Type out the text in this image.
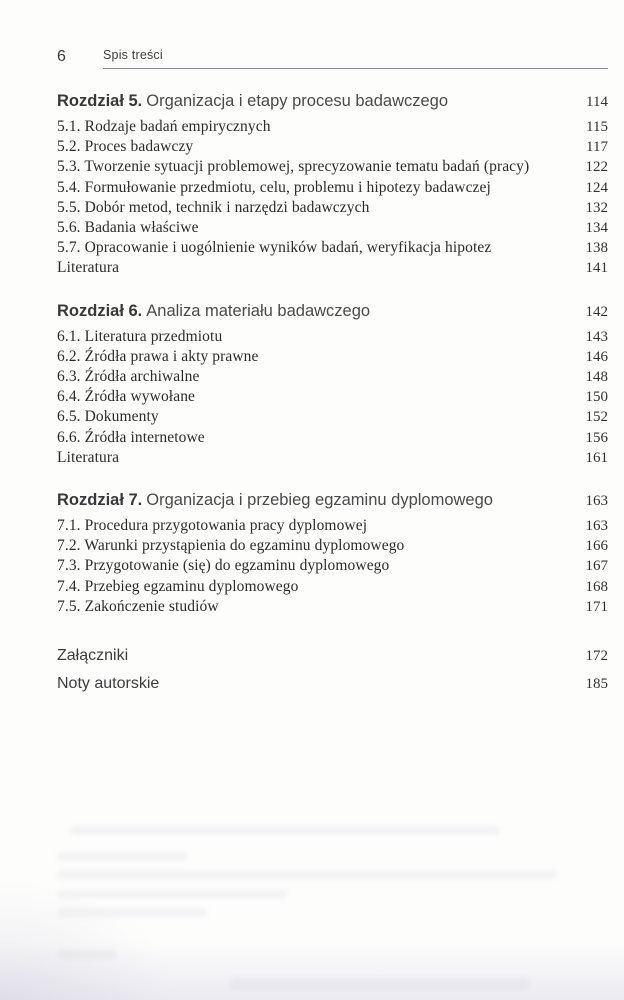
6	Spis treści
Rozdział 5. Organizacja i etapy procesu badawczego	114
5.1. Rodzaje badań empirycznych	115
5.2. Proces badawczy	117
5.3. Tworzenie sytuacji problemowej, sprecyzowanie tematu badań (pracy)	122
5.4. Formułowanie przedmiotu, celu, problemu i hipotezy badawczej	124
5.5. Dobór metod, technik i narzędzi badawczych	132
5.6. Badania właściwe	134
5.7. Opracowanie i uogólnienie wyników badań, weryfikacja hipotez	138
Literatura	141
Rozdział 6. Analiza materiału badawczego	142
6.1. Literatura przedmiotu	143
6.2. Źródła prawa i akty prawne	146
6.3. Źródła archiwalne	148
6.4. Źródła wywołane	150
6.5. Dokumenty	152
6.6. Źródła internetowe	156
Literatura	161
Rozdział 7. Organizacja i przebieg egzaminu dyplomowego	163
7.1. Procedura przygotowania pracy dyplomowej	163
7.2. Warunki przystąpienia do egzaminu dyplomowego	166
7.3. Przygotowanie (się) do egzaminu dyplomowego	167
7.4. Przebieg egzaminu dyplomowego	168
7.5. Zakończenie studiów	171
Załączniki	172
Noty autorskie	185
